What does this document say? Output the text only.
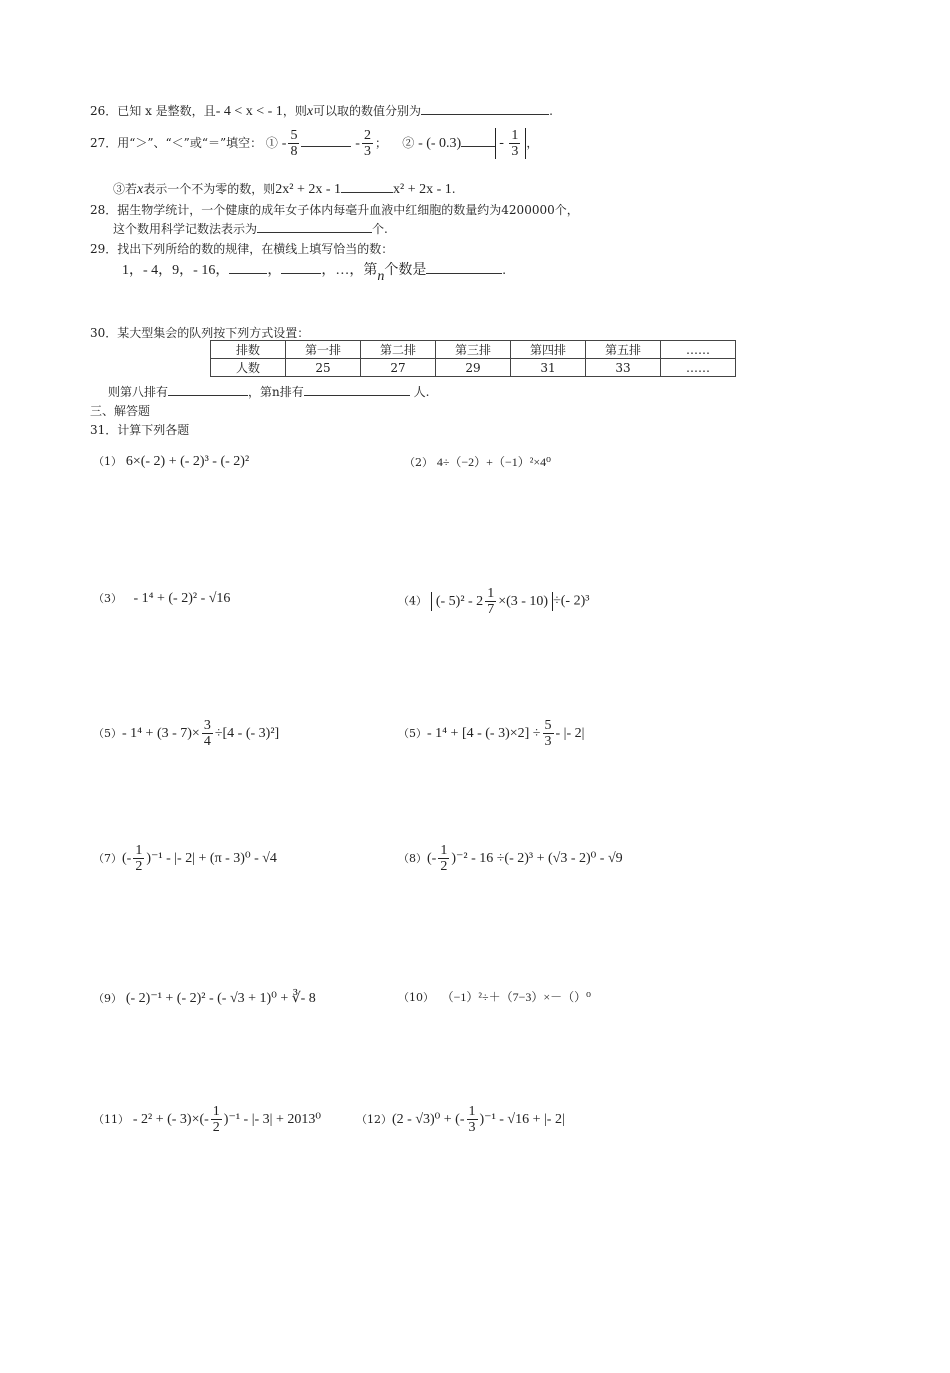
26．已知 x 是整数，且- 4 < x < - 1，则x可以取的数值分别为	.
27．用“＞”、“＜”或“＝”填空： ① - $\frac{5}{8}$	- $\frac{2}{3}$ ； ② - (- 0.3)	- $\frac{1}{3}$ ，
③若x表示一个不为零的数，则2x² + 2x - 1	x² + 2x - 1.
28．据生物学统计，一个健康的成年女子体内每毫升血液中红细胞的数量约为4200000个，
这个数用科学记数法表示为	个.
29．找出下列所给的数的规律，在横线上填写恰当的数：
1，- 4，9，- 16，	，	，…，第n个数是	.
30．某大型集会的队列按下列方式设置：
排数	第一排	第二排	第三排	第四排	第五排	……
人数	25	27	29	31	33	……
则第八排有	，第n排有	人.
三、解答题
31．计算下列各题
（1） 6×(- 2) + (- 2)³ - (- 2)²	（2） 4÷（−2）+（−1）²×4⁰
（3） - 1⁴ + (- 2)² - √16	（4） (- $5)^2 - 2 \frac{1}{7} \times(3 - 10)$ ÷(- 2)³
（5）- $1^4 + (3 - 7)\times \frac{3}{4} \div[4$ - (- 3)²]	（5）- 1⁴ + [4 - (- $3)\times 2] \div \frac{5}{3}$ - |- 2|
$(7)(- \frac{1}{2} )^{-1}$ - |- 2| + (π - 3)⁰ - √4	$(8)(- \frac{1}{2} )^{-2} - 16$ ÷(- 2)³ + (√3 - 2)⁰ - √9
（9） (- 2)⁻¹ + (- 2)² - (- √3 + 1)⁰ + ∛- 8	（10） （−1）²÷＋（7−3）×－（）⁰
（11） - 2² + (- $3)\times(- \frac{1}{2} )^{-1}$ - |- 3| + 2013⁰	（12）(2 - √3)⁰ + (- $\frac{1}{3} )^{-1} - √16$ + |- 2|
